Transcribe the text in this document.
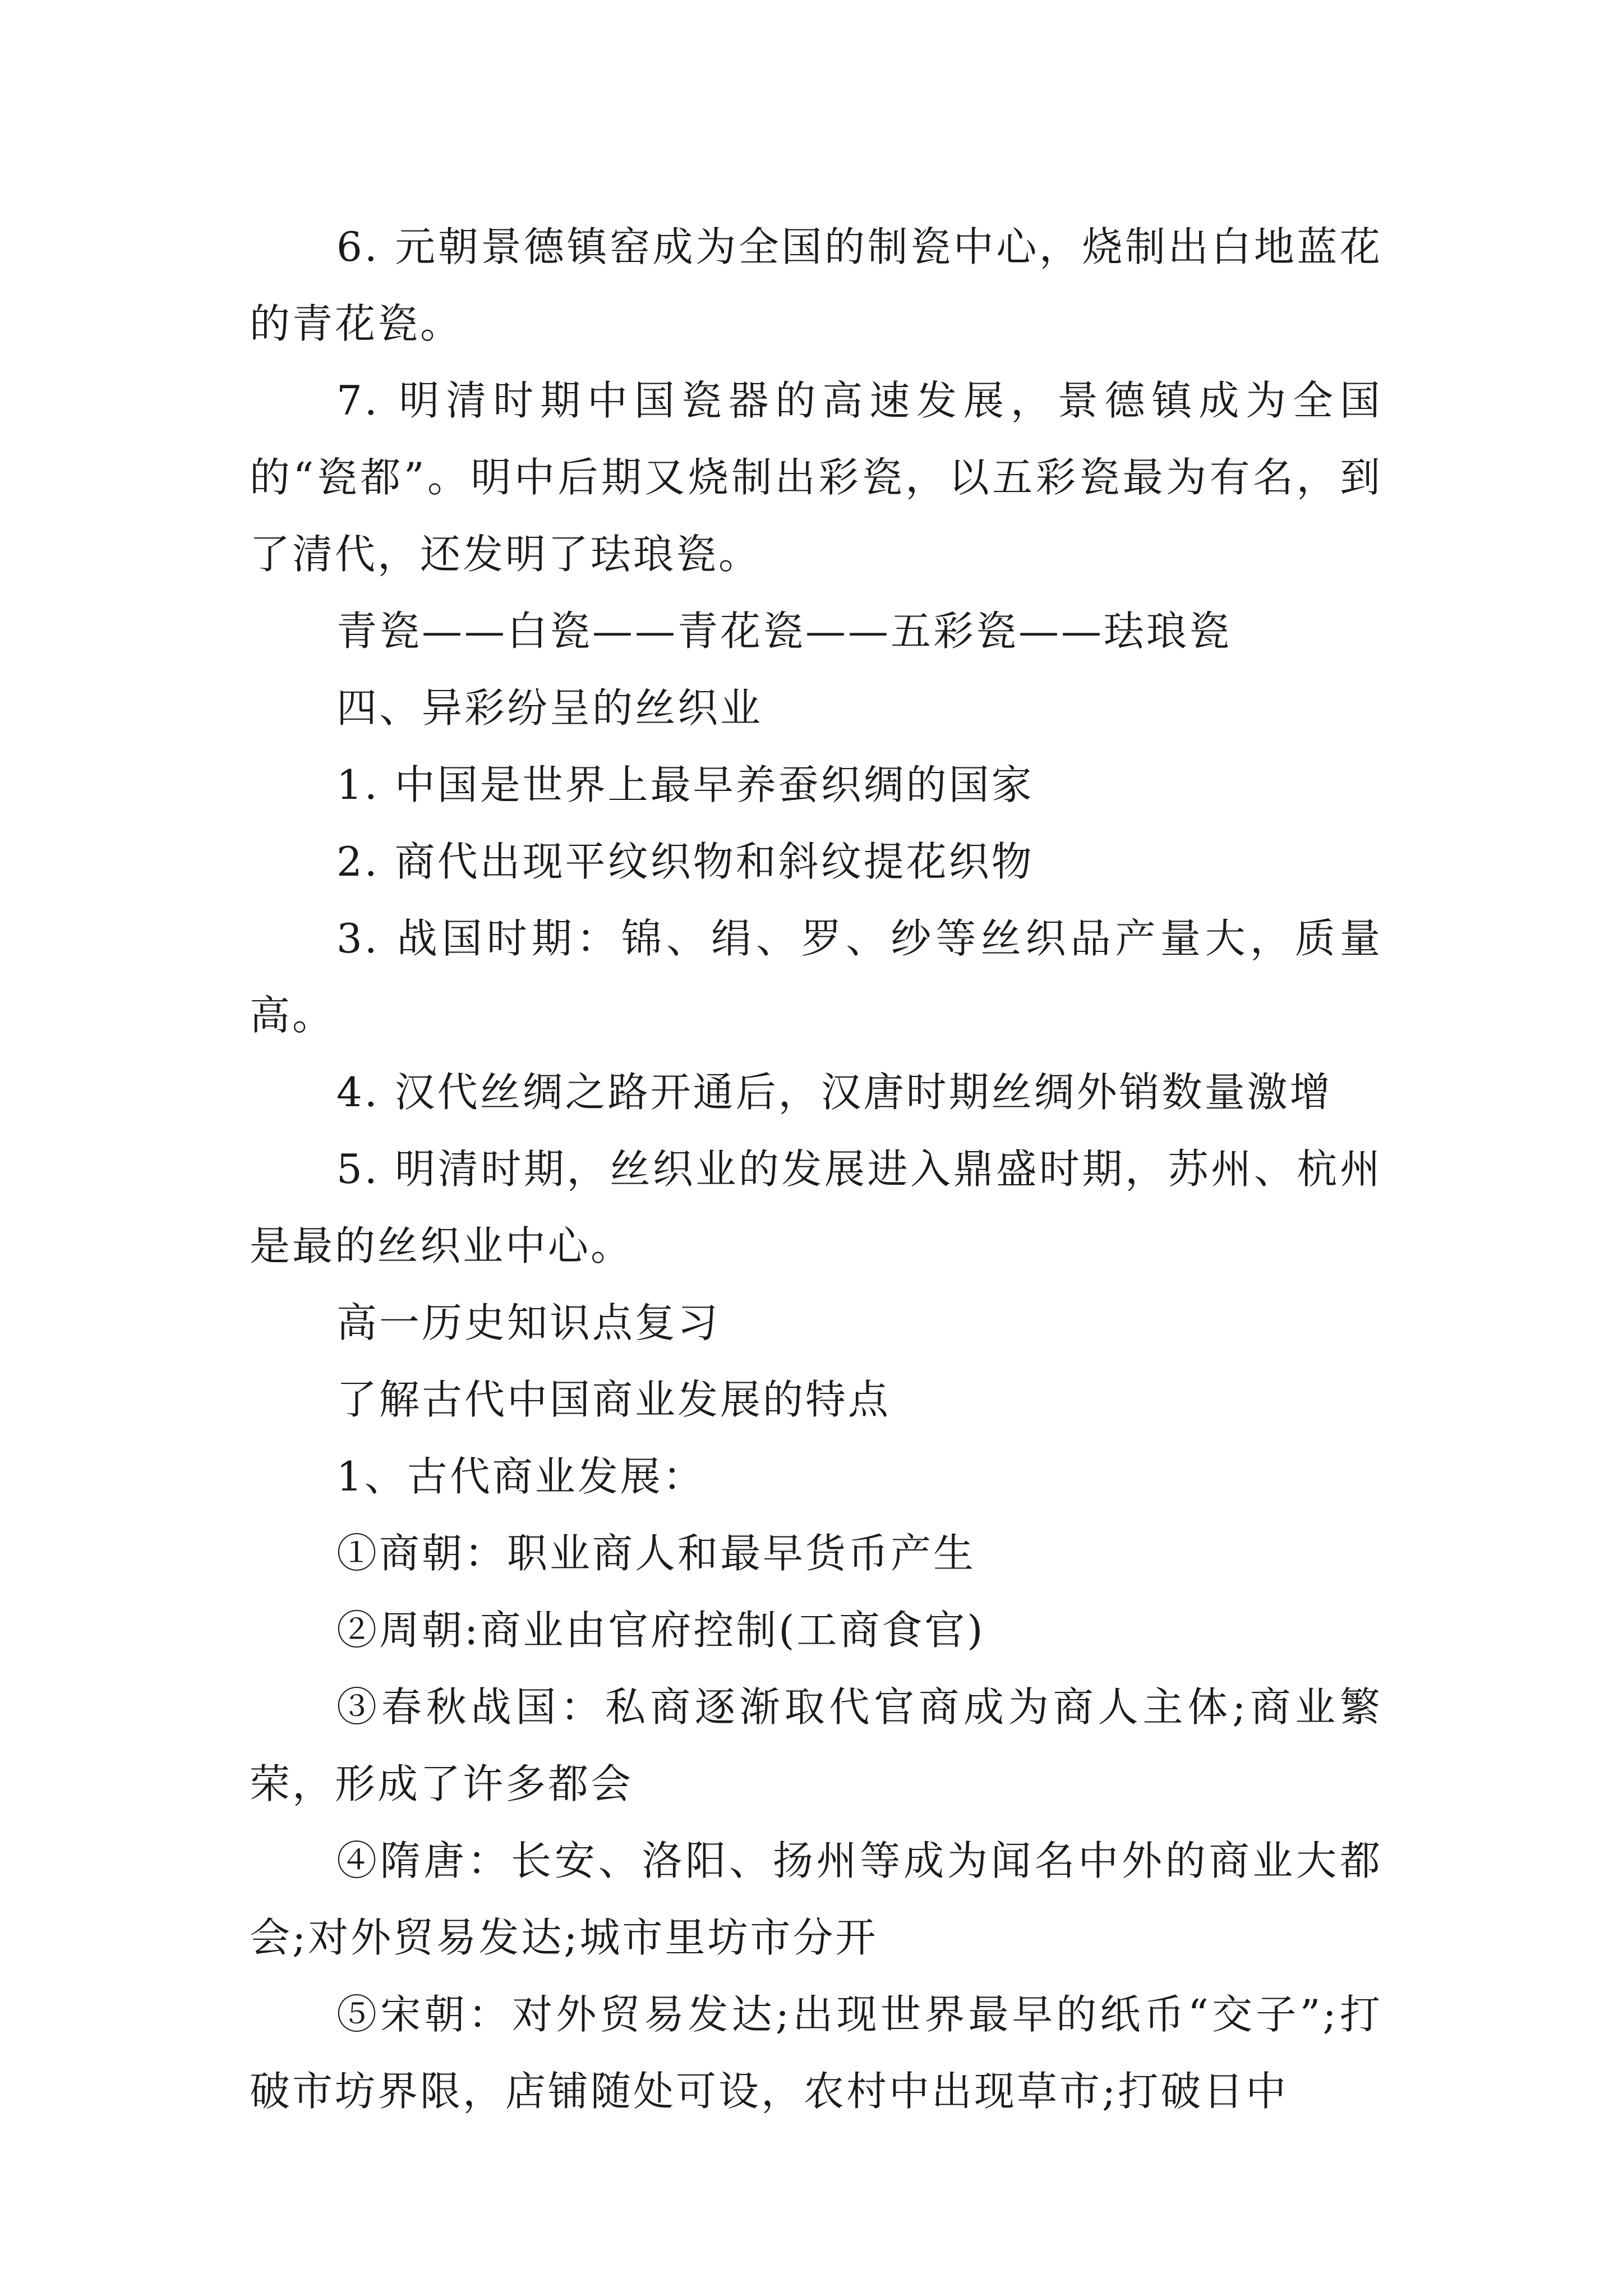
6. 元朝景德镇窑成为全国的制瓷中心，烧制出白地蓝花的青花瓷。

7. 明清时期中国瓷器的高速发展，景德镇成为全国的“瓷都”。明中后期又烧制出彩瓷，以五彩瓷最为有名，到了清代，还发明了珐琅瓷。

青瓷——白瓷——青花瓷——五彩瓷——珐琅瓷

四、异彩纷呈的丝织业

1. 中国是世界上最早养蚕织绸的国家

2. 商代出现平纹织物和斜纹提花织物

3. 战国时期：锦、绢、罗、纱等丝织品产量大，质量高。

4. 汉代丝绸之路开通后，汉唐时期丝绸外销数量激增

5. 明清时期，丝织业的发展进入鼎盛时期，苏州、杭州是最的丝织业中心。

高一历史知识点复习

了解古代中国商业发展的特点

1、古代商业发展：

①商朝：职业商人和最早货币产生

②周朝:商业由官府控制(工商食官)

③春秋战国：私商逐渐取代官商成为商人主体;商业繁荣，形成了许多都会

④隋唐：长安、洛阳、扬州等成为闻名中外的商业大都会;对外贸易发达;城市里坊市分开

⑤宋朝：对外贸易发达;出现世界最早的纸币“交子”;打破市坊界限，店铺随处可设，农村中出现草市;打破日中
